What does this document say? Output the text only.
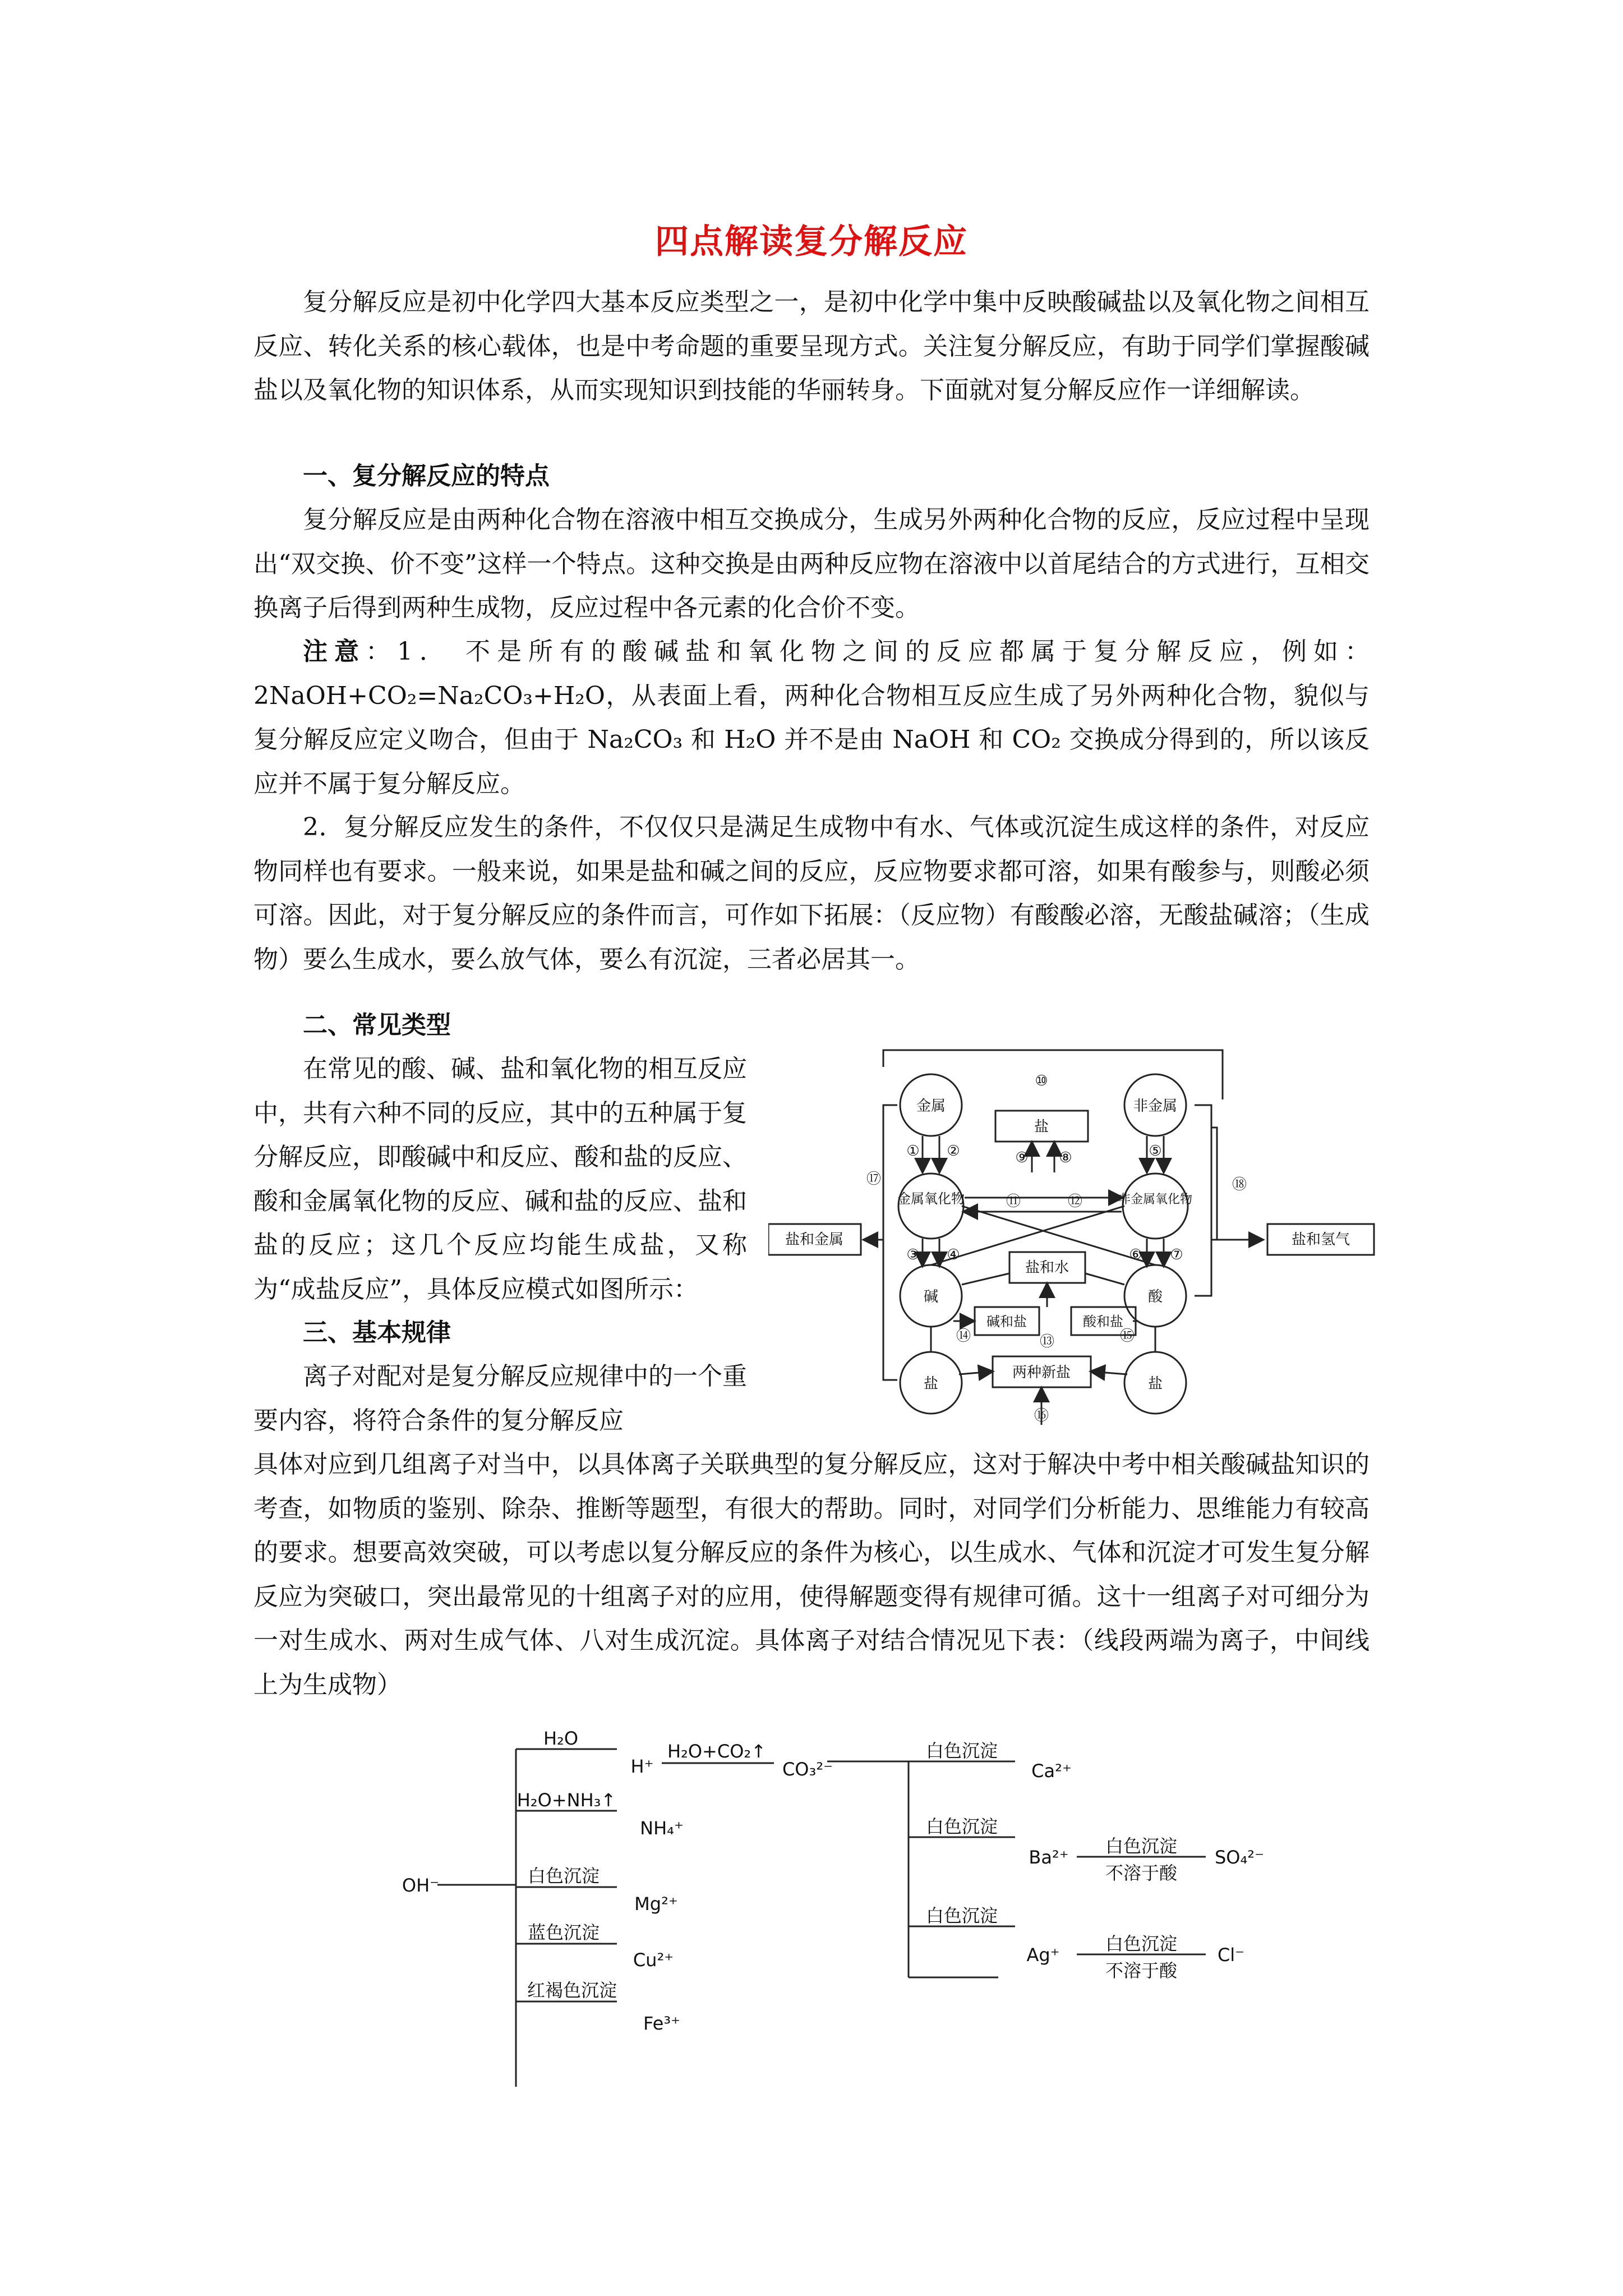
四点解读复分解反应
复分解反应是初中化学四大基本反应类型之一，是初中化学中集中反映酸碱盐以及氧化物之间相互反应、转化关系的核心载体，也是中考命题的重要呈现方式。关注复分解反应，有助于同学们掌握酸碱盐以及氧化物的知识体系，从而实现知识到技能的华丽转身。下面就对复分解反应作一详细解读。
一、复分解反应的特点
复分解反应是由两种化合物在溶液中相互交换成分，生成另外两种化合物的反应，反应过程中呈现出“双交换、价不变”这样一个特点。这种交换是由两种反应物在溶液中以首尾结合的方式进行，互相交换离子后得到两种生成物，反应过程中各元素的化合价不变。
注意：1． 不是所有的酸碱盐和氧化物之间的反应都属于复分解反应，例如：2NaOH+CO₂=Na₂CO₃+H₂O，从表面上看，两种化合物相互反应生成了另外两种化合物，貌似与复分解反应定义吻合，但由于 Na₂CO₃ 和 H₂O 并不是由 NaOH 和 CO₂ 交换成分得到的，所以该反应并不属于复分解反应。
2．复分解反应发生的条件，不仅仅只是满足生成物中有水、气体或沉淀生成这样的条件，对反应物同样也有要求。一般来说，如果是盐和碱之间的反应，反应物要求都可溶，如果有酸参与，则酸必须可溶。因此，对于复分解反应的条件而言，可作如下拓展：（反应物）有酸酸必溶，无酸盐碱溶；（生成物）要么生成水，要么放气体，要么有沉淀，三者必居其一。
二、常见类型
在常见的酸、碱、盐和氧化物的相互反应中，共有六种不同的反应，其中的五种属于复分解反应，即酸碱中和反应、酸和盐的反应、酸和金属氧化物的反应、碱和盐的反应、盐和盐的反应；这几个反应均能生成盐，又称为“成盐反应”，具体反应模式如图所示：
三、基本规律
离子对配对是复分解反应规律中的一个重要内容，将符合条件的复分解反应
具体对应到几组离子对当中，以具体离子关联典型的复分解反应，这对于解决中考中相关酸碱盐知识的考查，如物质的鉴别、除杂、推断等题型，有很大的帮助。同时，对同学们分析能力、思维能力有较高的要求。想要高效突破，可以考虑以复分解反应的条件为核心，以生成水、气体和沉淀才可发生复分解反应为突破口，突出最常见的十组离子对的应用，使得解题变得有规律可循。这十一组离子对可细分为一对生成水、两对生成气体、八对生成沉淀。具体离子对结合情况见下表：（线段两端为离子，中间线上为生成物）
金属	非金属
金属氧化物	非金属氧化物
碱	酸
盐	盐
盐
盐和水
碱和盐	酸和盐
两种新盐
盐和金属	盐和氢气
① ②
③ ④
⑤
⑥ ⑦
⑧
⑨
⑩
⑪	⑫
⑬
⑭	⑮
⑯
⑰	⑱
OH⁻
H₂O
H⁺
H₂O+CO₂↑
CO₃²⁻
H₂O+NH₃↑
NH₄⁺
白色沉淀
Mg²⁺
蓝色沉淀
Cu²⁺
红褐色沉淀
Fe³⁺
白色沉淀
Ca²⁺
白色沉淀
Ba²⁺
白色沉淀
Ag⁺
白色沉淀
不溶于酸
SO₄²⁻
白色沉淀
不溶于酸
Cl⁻
